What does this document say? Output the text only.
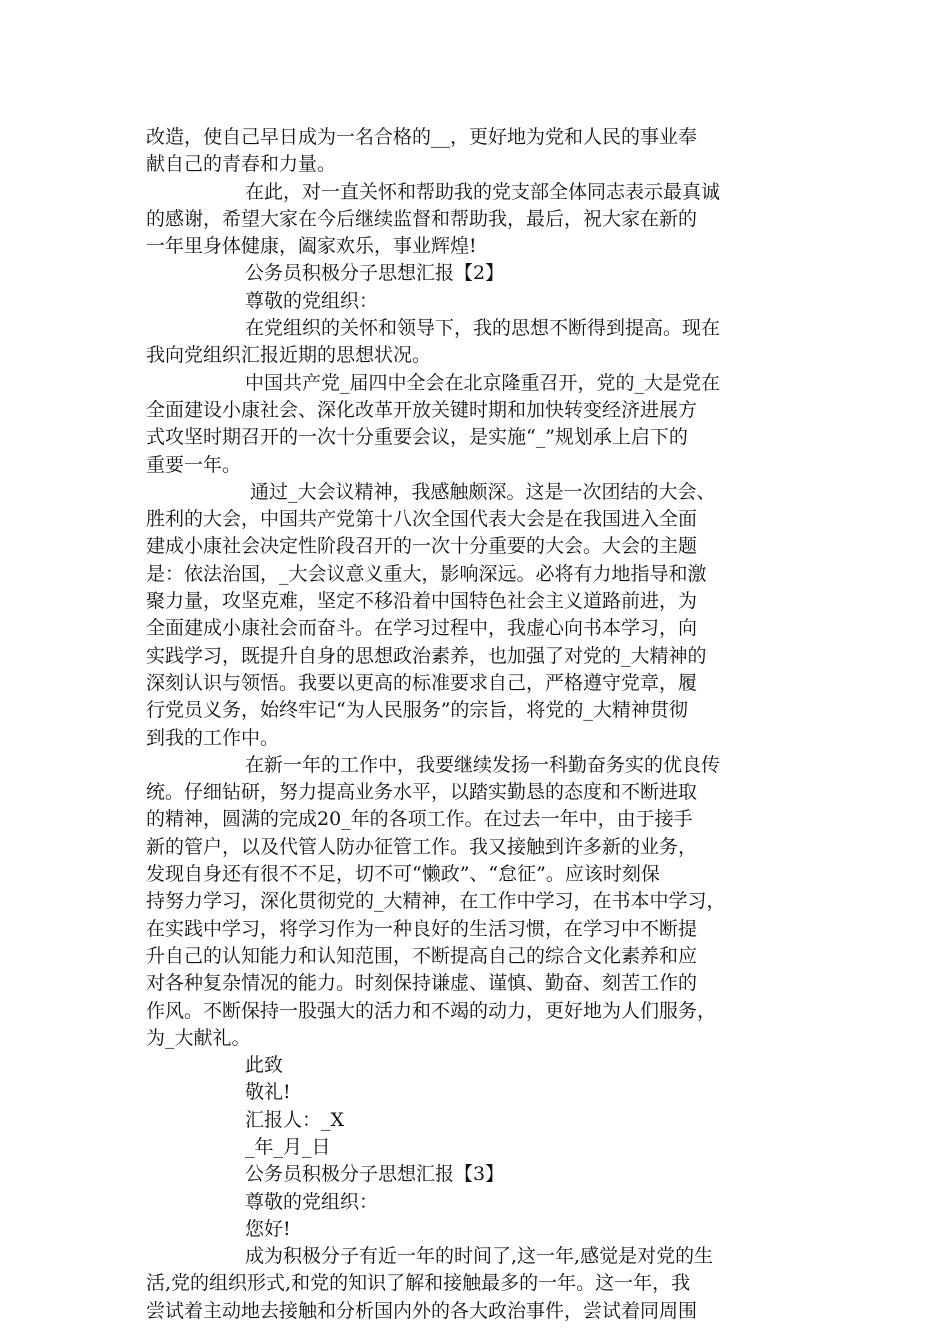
改造，使自己早日成为一名合格的__，更好地为党和人民的事业奉
献自己的青春和力量。
在此，对一直关怀和帮助我的党支部全体同志表示最真诚
的感谢，希望大家在今后继续监督和帮助我，最后，祝大家在新的
一年里身体健康，阖家欢乐，事业辉煌!
公务员积极分子思想汇报【2】
尊敬的党组织：
在党组织的关怀和领导下，我的思想不断得到提高。现在
我向党组织汇报近期的思想状况。
中国共产党_届四中全会在北京隆重召开，党的_大是党在
全面建设小康社会、深化改革开放关键时期和加快转变经济进展方
式攻坚时期召开的一次十分重要会议，是实施“_”规划承上启下的
重要一年。
通过_大会议精神，我感触颇深。这是一次团结的大会、
胜利的大会，中国共产党第十八次全国代表大会是在我国进入全面
建成小康社会决定性阶段召开的一次十分重要的大会。大会的主题
是：依法治国，_大会议意义重大，影响深远。必将有力地指导和激
聚力量，攻坚克难，坚定不移沿着中国特色社会主义道路前进，为
全面建成小康社会而奋斗。在学习过程中，我虚心向书本学习，向
实践学习，既提升自身的思想政治素养，也加强了对党的_大精神的
深刻认识与领悟。我要以更高的标准要求自己，严格遵守党章，履
行党员义务，始终牢记“为人民服务”的宗旨，将党的_大精神贯彻
到我的工作中。
在新一年的工作中，我要继续发扬一科勤奋务实的优良传
统。仔细钻研，努力提高业务水平，以踏实勤恳的态度和不断进取
的精神，圆满的完成20_年的各项工作。在过去一年中，由于接手
新的管户，以及代管人防办征管工作。我又接触到许多新的业务，
发现自身还有很不不足，切不可“懒政”、“怠征”。应该时刻保
持努力学习，深化贯彻党的_大精神，在工作中学习，在书本中学习，
在实践中学习，将学习作为一种良好的生活习惯，在学习中不断提
升自己的认知能力和认知范围，不断提高自己的综合文化素养和应
对各种复杂情况的能力。时刻保持谦虚、谨慎、勤奋、刻苦工作的
作风。不断保持一股强大的活力和不竭的动力，更好地为人们服务，
为_大献礼。
此致
敬礼!
汇报人：_X
_年_月_日
公务员积极分子思想汇报【3】
尊敬的党组织：
您好!
成为积极分子有近一年的时间了,这一年,感觉是对党的生
活,党的组织形式,和党的知识了解和接触最多的一年。这一年，我
尝试着主动地去接触和分析国内外的各大政治事件，尝试着同周围
